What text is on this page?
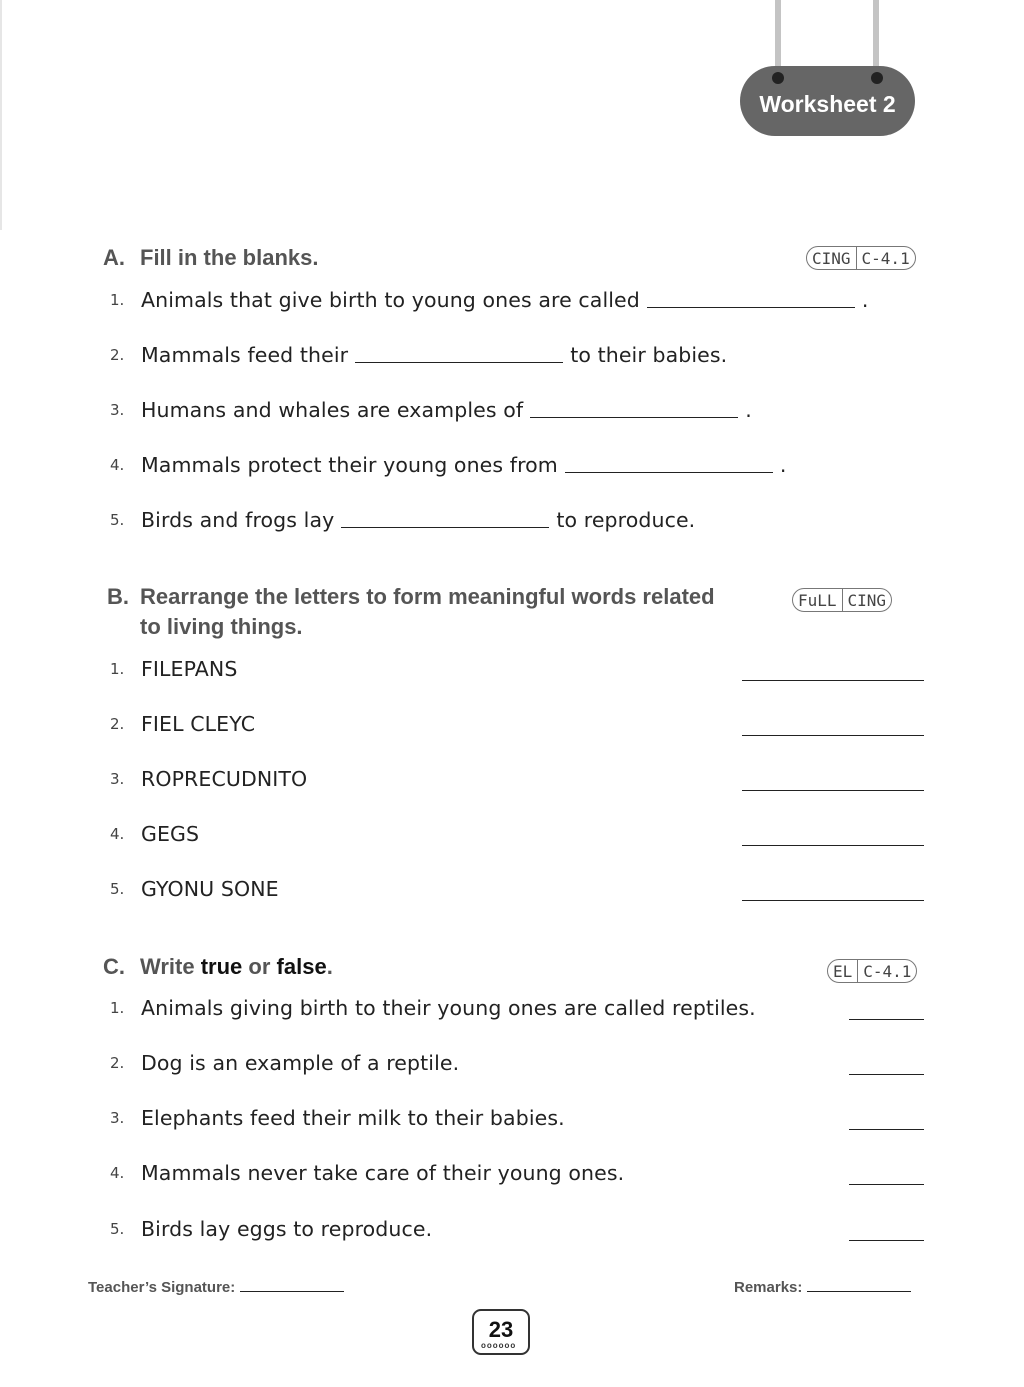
Worksheet 2
A. Fill in the blanks.	CING C-4.1
1. Animals that give birth to young ones are called	.
2. Mammals feed their	to their babies.
3. Humans and whales are examples of	.
4. Mammals protect their young ones from	.
5. Birds and frogs lay	to reproduce.
B. Rearrange the letters to form meaningful words related
to living things.
FuLL CING
1. FILEPANS
2. FIEL CLEYC
3. ROPRECUDNITO
4. GEGS
5. GYONU SONE
C. Write true or false.	EL C-4.1
1. Animals giving birth to their young ones are called reptiles.
2. Dog is an example of a reptile.
3. Elephants feed their milk to their babies.
4. Mammals never take care of their young ones.
5. Birds lay eggs to reproduce.
Teacher’s Signature:	Remarks:
23
oooooo
